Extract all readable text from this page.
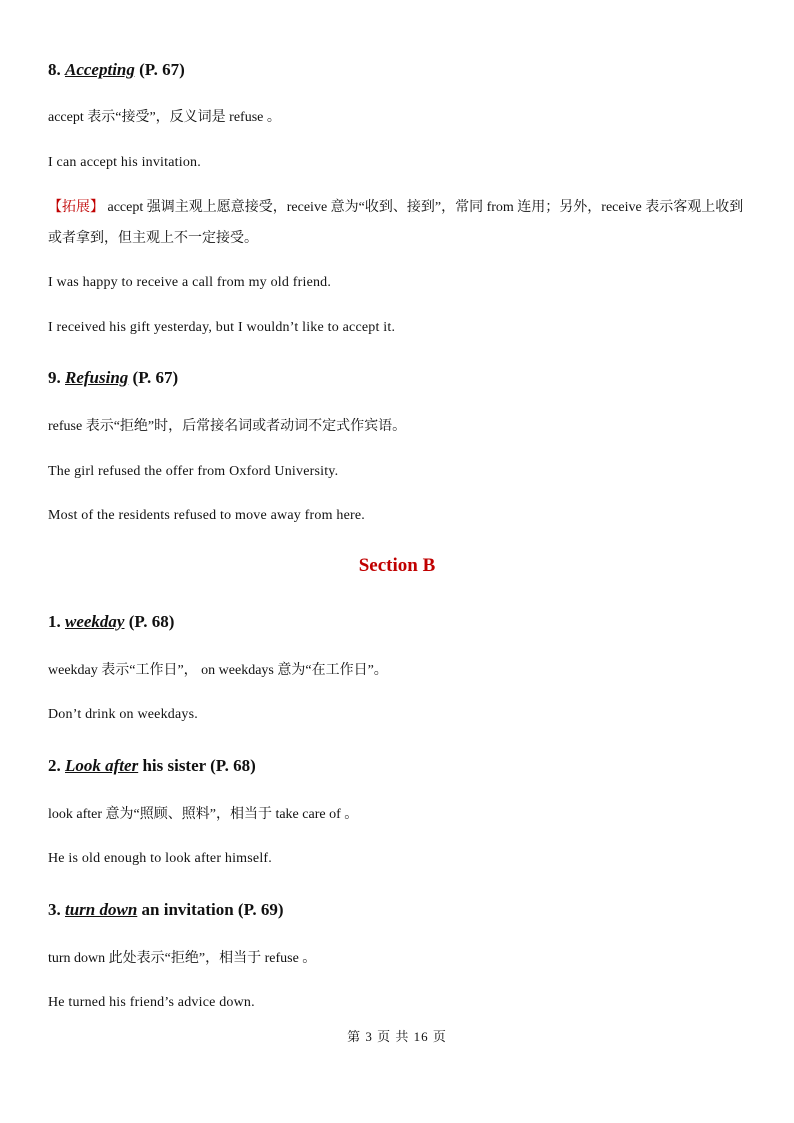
8. Accepting (P. 67)
accept 表示“接受”，反义词是 refuse 。
I can accept his invitation.
【拓展】 accept 强调主观上愿意接受，receive 意为“收到、接到”，常同 from 连用；另外，receive 表示客观上收到或者拿到，但主观上不一定接受。
I was happy to receive a call from my old friend.
I received his gift yesterday, but I wouldn’t like to accept it.
9. Refusing (P. 67)
refuse 表示“拒绝”时，后常接名词或者动词不定式作宾语。
The girl refused the offer from Oxford University.
Most of the residents refused to move away from here.
Section B
1. weekday (P. 68)
weekday 表示“工作日”， on weekdays 意为“在工作日”。
Don’t drink on weekdays.
2. Look after his sister (P. 68)
look after 意为“照顾、照料”，相当于 take care of 。
He is old enough to look after himself.
3. turn down an invitation (P. 69)
turn down 此处表示“拒绝”，相当于 refuse 。
He turned his friend’s advice down.
第 3 页 共 16 页
